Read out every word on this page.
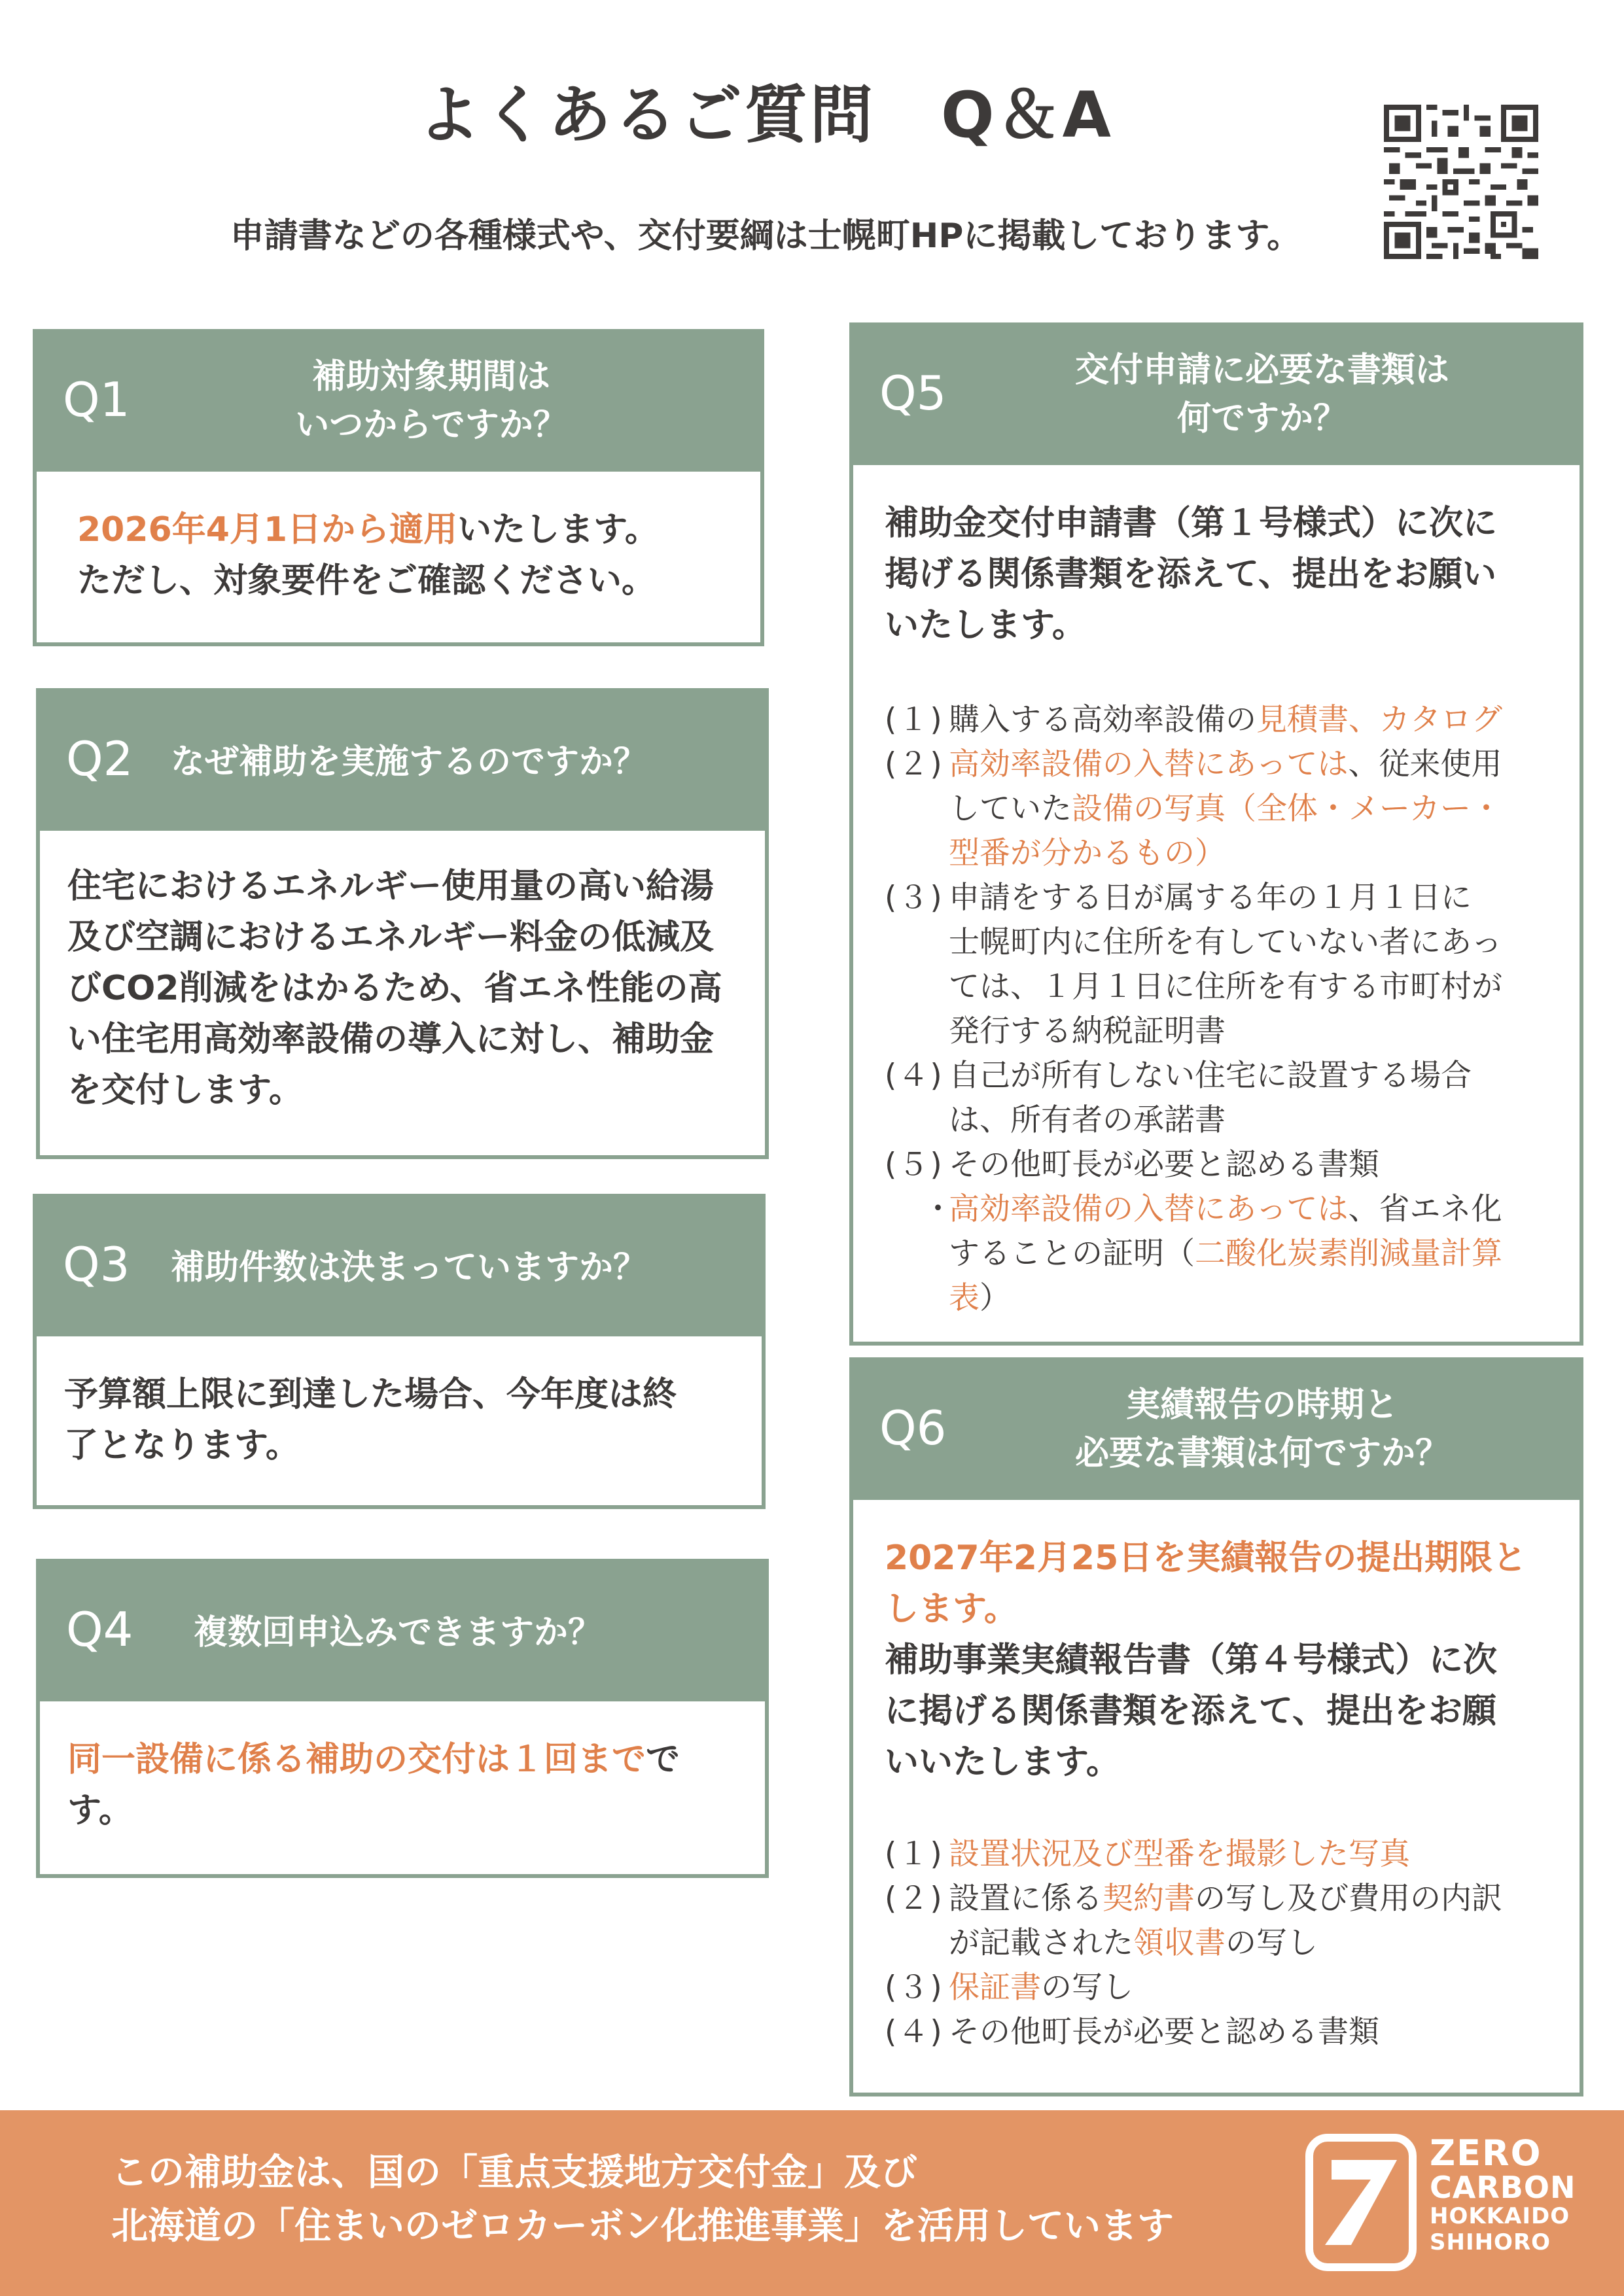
よくあるご質問　Q＆A
申請書などの各種様式や、交付要綱は士幌町HPに掲載しております。
Q1	補助対象期間は
いつからですか？
2026年4月1日から適用いたします。
ただし、対象要件をご確認ください。
Q2 なぜ補助を実施するのですか？
住宅におけるエネルギー使用量の高い給湯
及び空調におけるエネルギー料金の低減及
びCO2削減をはかるため、省エネ性能の高
い住宅用高効率設備の導入に対し、補助金
を交付します。
Q3 補助件数は決まっていますか？
予算額上限に到達した場合、今年度は終
了となります。
Q4 複数回申込みできますか？
同一設備に係る補助の交付は１回までで
す。
Q5	交付申請に必要な書類は
何ですか？
補助金交付申請書（第１号様式）に次に
掲げる関係書類を添えて、提出をお願い
いたします。
(１) 購入する高効率設備の見積書、カタログ
(２) 高効率設備の入替にあっては、従来使用
していた設備の写真（全体・メーカー・
型番が分かるもの）
(３) 申請をする日が属する年の１月１日に
士幌町内に住所を有していない者にあっ
ては、１月１日に住所を有する市町村が
発行する納税証明書
(４) 自己が所有しない住宅に設置する場合
は、所有者の承諾書
(５) その他町長が必要と認める書類
・
高効率設備の入替にあっては、省エネ化
することの証明（二酸化炭素削減量計算
表）
Q6	実績報告の時期と
必要な書類は何ですか？
2027年2月25日を実績報告の提出期限と
します。
補助事業実績報告書（第４号様式）に次
に掲げる関係書類を添えて、提出をお願
いいたします。
(１) 設置状況及び型番を撮影した写真
(２) 設置に係る契約書の写し及び費用の内訳
が記載された領収書の写し
(３) 保証書の写し
(４) その他町長が必要と認める書類
この補助金は、国の「重点支援地方交付金」及び
北海道の「住まいのゼロカーボン化推進事業」を活用しています
ZERO
CARBON
HOKKAIDO
SHIHORO
